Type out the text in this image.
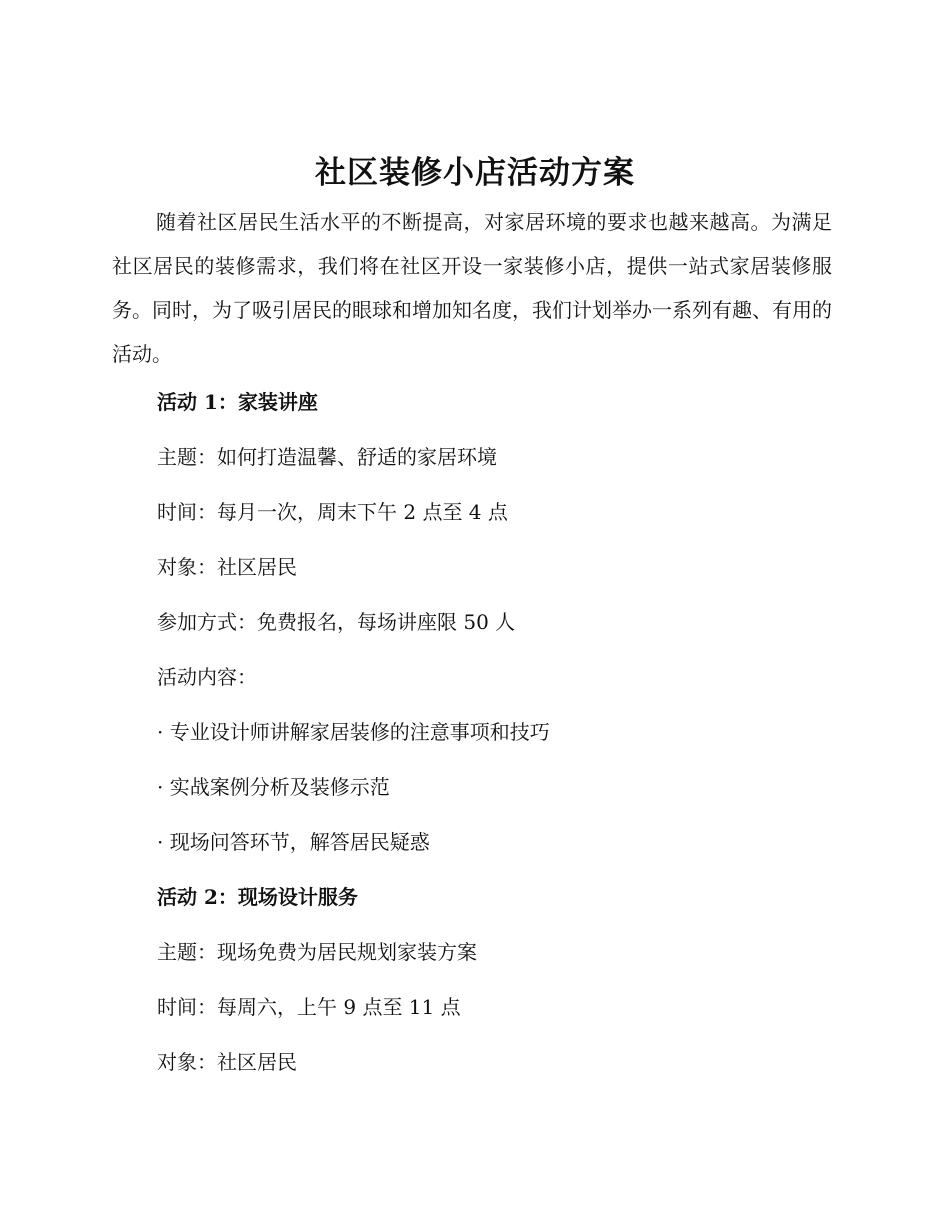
社区装修小店活动方案

随着社区居民生活水平的不断提高，对家居环境的要求也越来越高。为满足社区居民的装修需求，我们将在社区开设一家装修小店，提供一站式家居装修服务。同时，为了吸引居民的眼球和增加知名度，我们计划举办一系列有趣、有用的活动。

活动 1：家装讲座
主题：如何打造温馨、舒适的家居环境
时间：每月一次，周末下午 2 点至 4 点
对象：社区居民
参加方式：免费报名，每场讲座限 50 人
活动内容：
· 专业设计师讲解家居装修的注意事项和技巧
· 实战案例分析及装修示范
· 现场问答环节，解答居民疑惑
活动 2：现场设计服务
主题：现场免费为居民规划家装方案
时间：每周六，上午 9 点至 11 点
对象：社区居民
